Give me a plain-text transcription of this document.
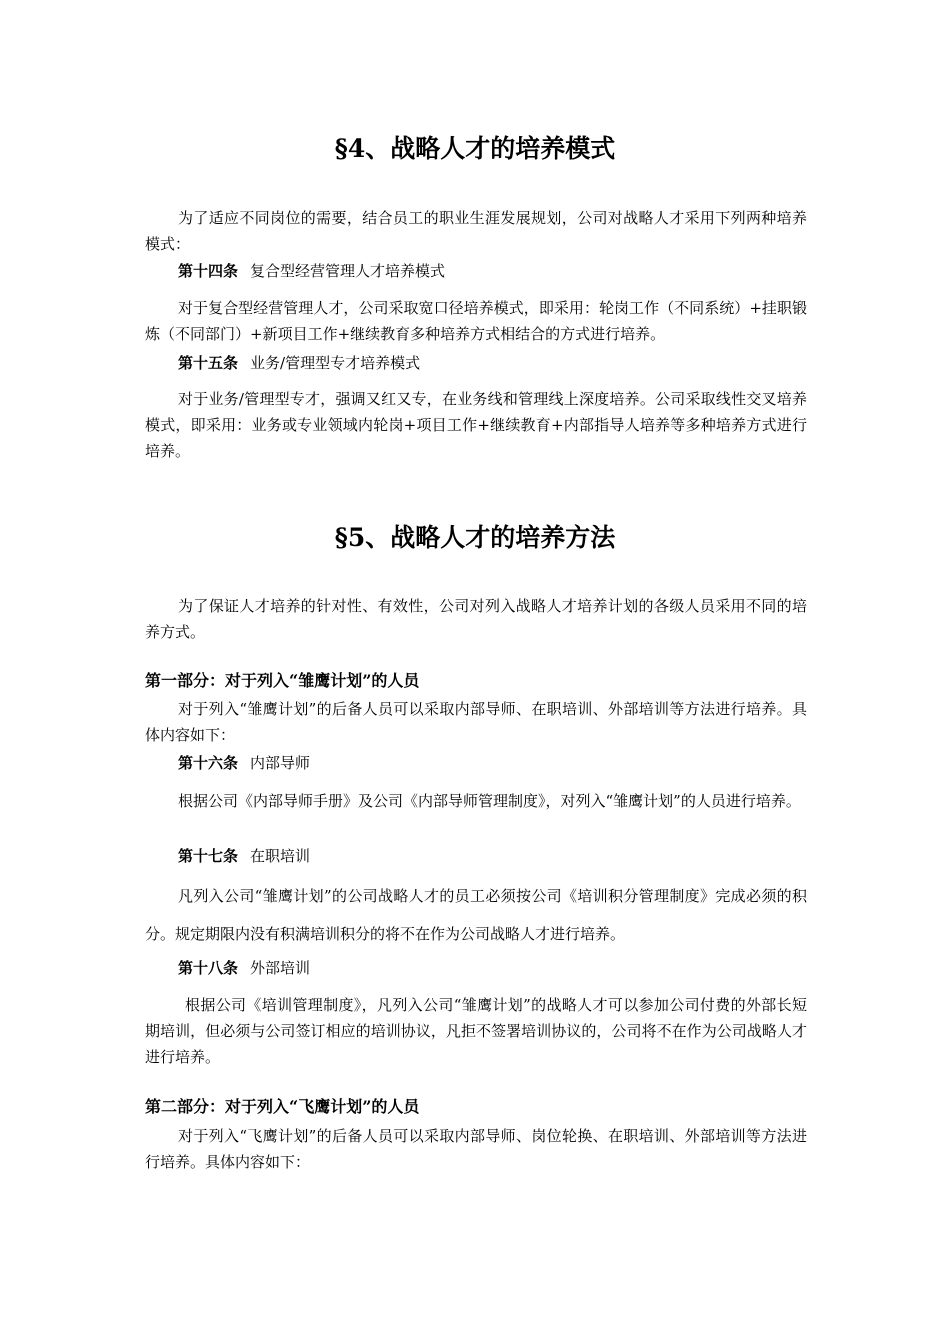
§4、战略人才的培养模式

为了适应不同岗位的需要，结合员工的职业生涯发展规划，公司对战略人才采用下列两种培养模式：

第十四条 复合型经营管理人才培养模式

对于复合型经营管理人才，公司采取宽口径培养模式，即采用：轮岗工作（不同系统）+挂职锻炼（不同部门）+新项目工作+继续教育多种培养方式相结合的方式进行培养。

第十五条 业务/管理型专才培养模式

对于业务/管理型专才，强调又红又专，在业务线和管理线上深度培养。公司采取线性交叉培养模式，即采用：业务或专业领域内轮岗+项目工作+继续教育+内部指导人培养等多种培养方式进行培养。

§5、战略人才的培养方法

为了保证人才培养的针对性、有效性，公司对列入战略人才培养计划的各级人员采用不同的培养方式。

第一部分：对于列入“雏鹰计划”的人员

对于列入“雏鹰计划”的后备人员可以采取内部导师、在职培训、外部培训等方法进行培养。具体内容如下：

第十六条 内部导师

根据公司《内部导师手册》及公司《内部导师管理制度》，对列入“雏鹰计划”的人员进行培养。

第十七条 在职培训

凡列入公司“雏鹰计划”的公司战略人才的员工必须按公司《培训积分管理制度》完成必须的积分。规定期限内没有积满培训积分的将不在作为公司战略人才进行培养。

第十八条 外部培训

根据公司《培训管理制度》，凡列入公司“雏鹰计划”的战略人才可以参加公司付费的外部长短期培训，但必须与公司签订相应的培训协议，凡拒不签署培训协议的，公司将不在作为公司战略人才进行培养。

第二部分：对于列入“飞鹰计划”的人员

对于列入“飞鹰计划”的后备人员可以采取内部导师、岗位轮换、在职培训、外部培训等方法进行培养。具体内容如下：
